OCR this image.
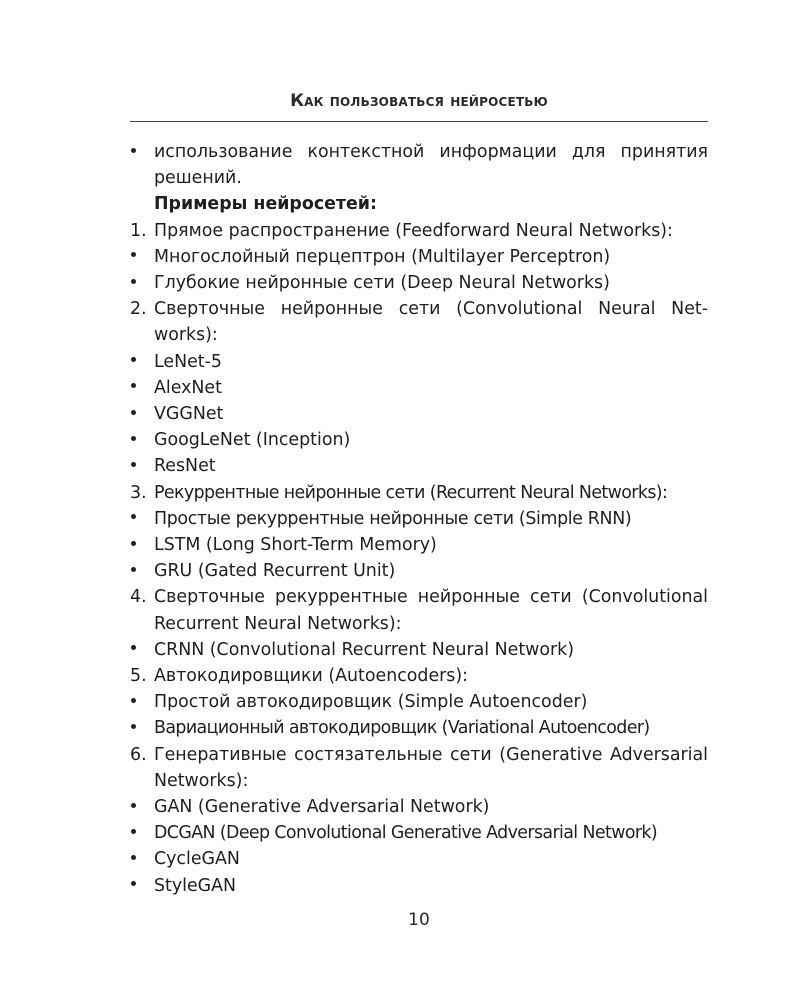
Как пользоваться нейросетью
использование контекстной информации для принятия решений.
Примеры нейросетей:
1. Прямое распространение (Feedforward Neural Networks):
Многослойный перцептрон (Multilayer Perceptron)
Глубокие нейронные сети (Deep Neural Networks)
2. Сверточные нейронные сети (Convolutional Neural Net-works):
LeNet-5
AlexNet
VGGNet
GoogLeNet (Inception)
ResNet
3. Рекуррентные нейронные сети (Recurrent Neural Networks):
Простые рекуррентные нейронные сети (Simple RNN)
LSTM (Long Short-Term Memory)
GRU (Gated Recurrent Unit)
4. Сверточные рекуррентные нейронные сети (Convolutional Recurrent Neural Networks):
CRNN (Convolutional Recurrent Neural Network)
5. Автокодировщики (Autoencoders):
Простой автокодировщик (Simple Autoencoder)
Вариационный автокодировщик (Variational Autoencoder)
6. Генеративные состязательные сети (Generative Adversarial Networks):
GAN (Generative Adversarial Network)
DCGAN (Deep Convolutional Generative Adversarial Network)
CycleGAN
StyleGAN
10
